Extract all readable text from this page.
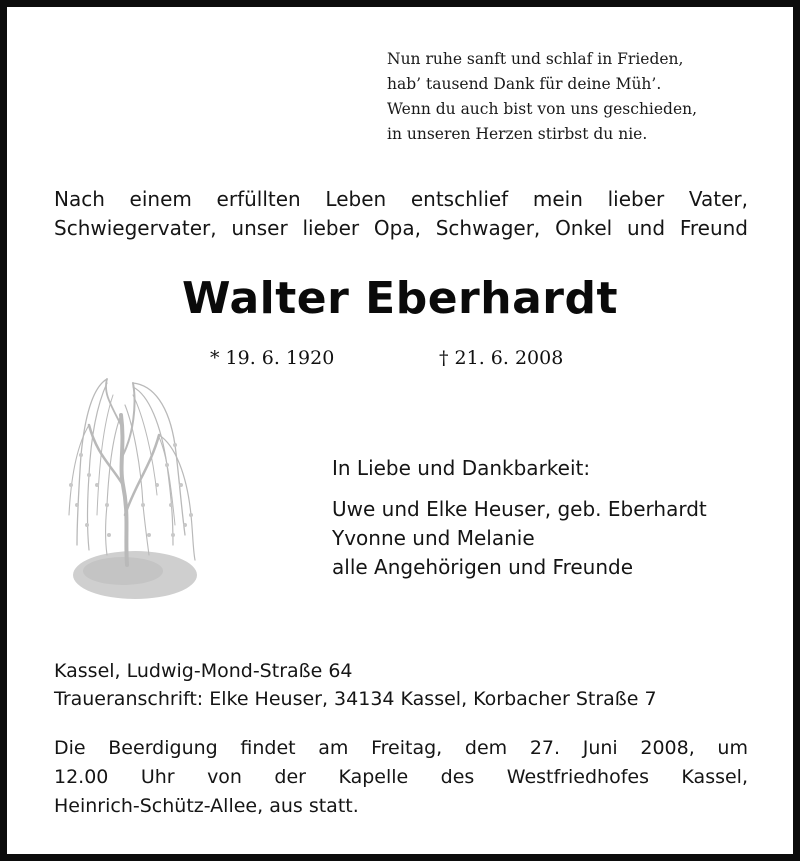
Nun ruhe sanft und schlaf in Frieden,
hab’ tausend Dank für deine Müh’.
Wenn du auch bist von uns geschieden,
in unseren Herzen stirbst du nie.
Nach einem erfüllten Leben entschlief mein lieber Vater,
Schwiegervater, unser lieber Opa, Schwager, Onkel und Freund
Walter Eberhardt
* 19. 6. 1920	† 21. 6. 2008
In Liebe und Dankbarkeit:
Uwe und Elke Heuser, geb. Eberhardt
Yvonne und Melanie
alle Angehörigen und Freunde
Kassel, Ludwig-Mond-Straße 64
Traueranschrift: Elke Heuser, 34134 Kassel, Korbacher Straße 7
Die Beerdigung findet am Freitag, dem 27. Juni 2008, um
12.00 Uhr von der Kapelle des Westfriedhofes Kassel,
Heinrich-Schütz-Allee, aus statt.
